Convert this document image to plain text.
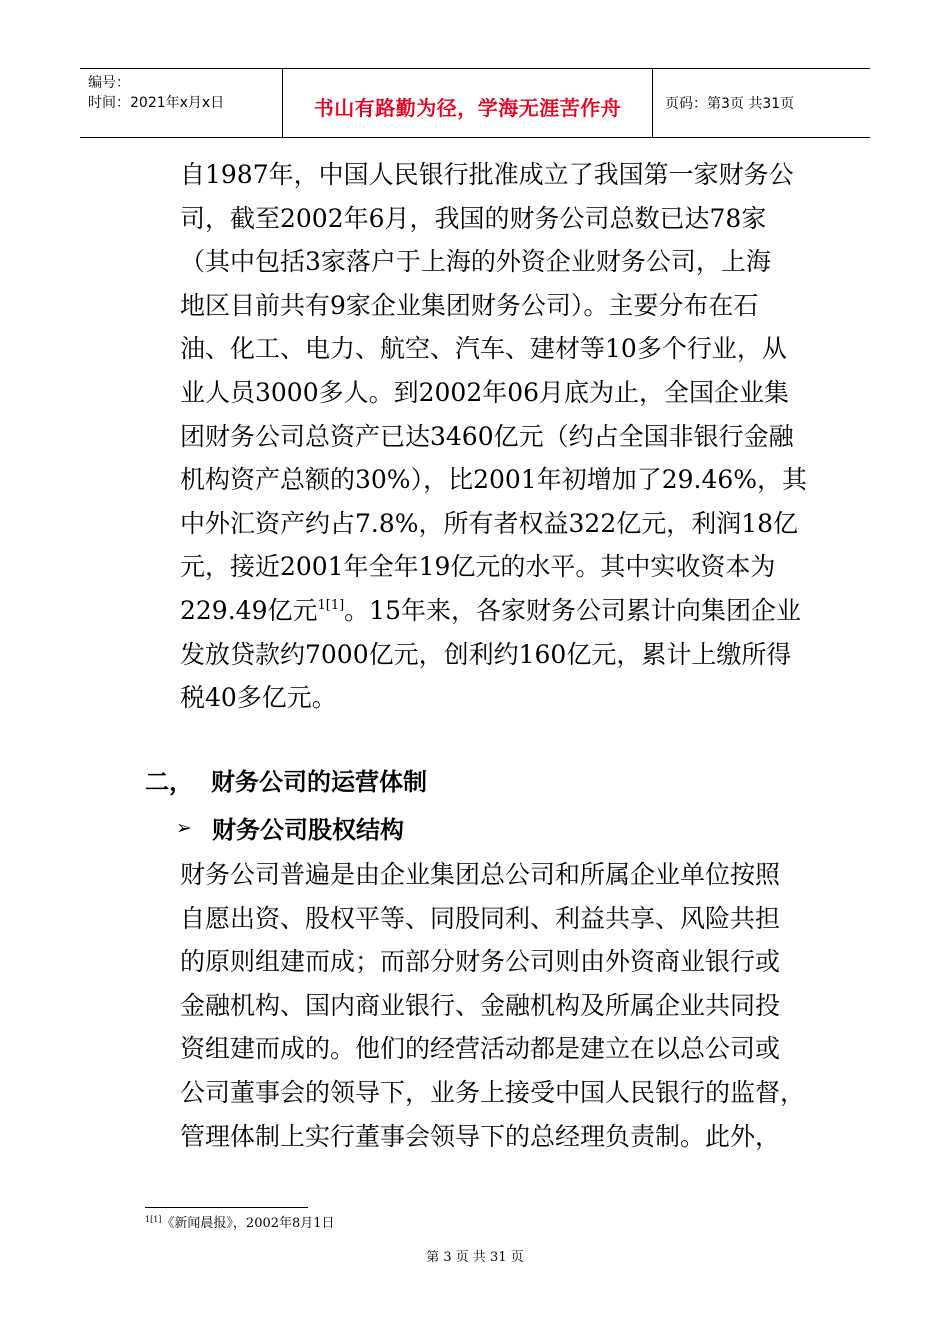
编号：
时间：2021年x月x日	书山有路勤为径，学海无涯苦作舟	页码：第3页 共31页
自1987年，中国人民银行批准成立了我国第一家财务公
司，截至2002年6月，我国的财务公司总数已达78家
（其中包括3家落户于上海的外资企业财务公司，上海
地区目前共有9家企业集团财务公司）。主要分布在石
油、化工、电力、航空、汽车、建材等10多个行业，从
业人员3000多人。到2002年06月底为止，全国企业集
团财务公司总资产已达3460亿元（约占全国非银行金融
机构资产总额的30%），比2001年初增加了29.46%，其
中外汇资产约占7.8%，所有者权益322亿元，利润18亿
元，接近2001年全年19亿元的水平。其中实收资本为
229.49亿元$^{1[1]}$。15年来，各家财务公司累计向集团企业
发放贷款约7000亿元，创利约160亿元，累计上缴所得
税40多亿元。
二， 财务公司的运营体制
➢ 财务公司股权结构
财务公司普遍是由企业集团总公司和所属企业单位按照
自愿出资、股权平等、同股同利、利益共享、风险共担
的原则组建而成；而部分财务公司则由外资商业银行或
金融机构、国内商业银行、金融机构及所属企业共同投
资组建而成的。他们的经营活动都是建立在以总公司或
公司董事会的领导下，业务上接受中国人民银行的监督，
管理体制上实行董事会领导下的总经理负责制。此外，
$^{1[1]}$《新闻晨报》，2002年8月1日
第 3 页 共 31 页
